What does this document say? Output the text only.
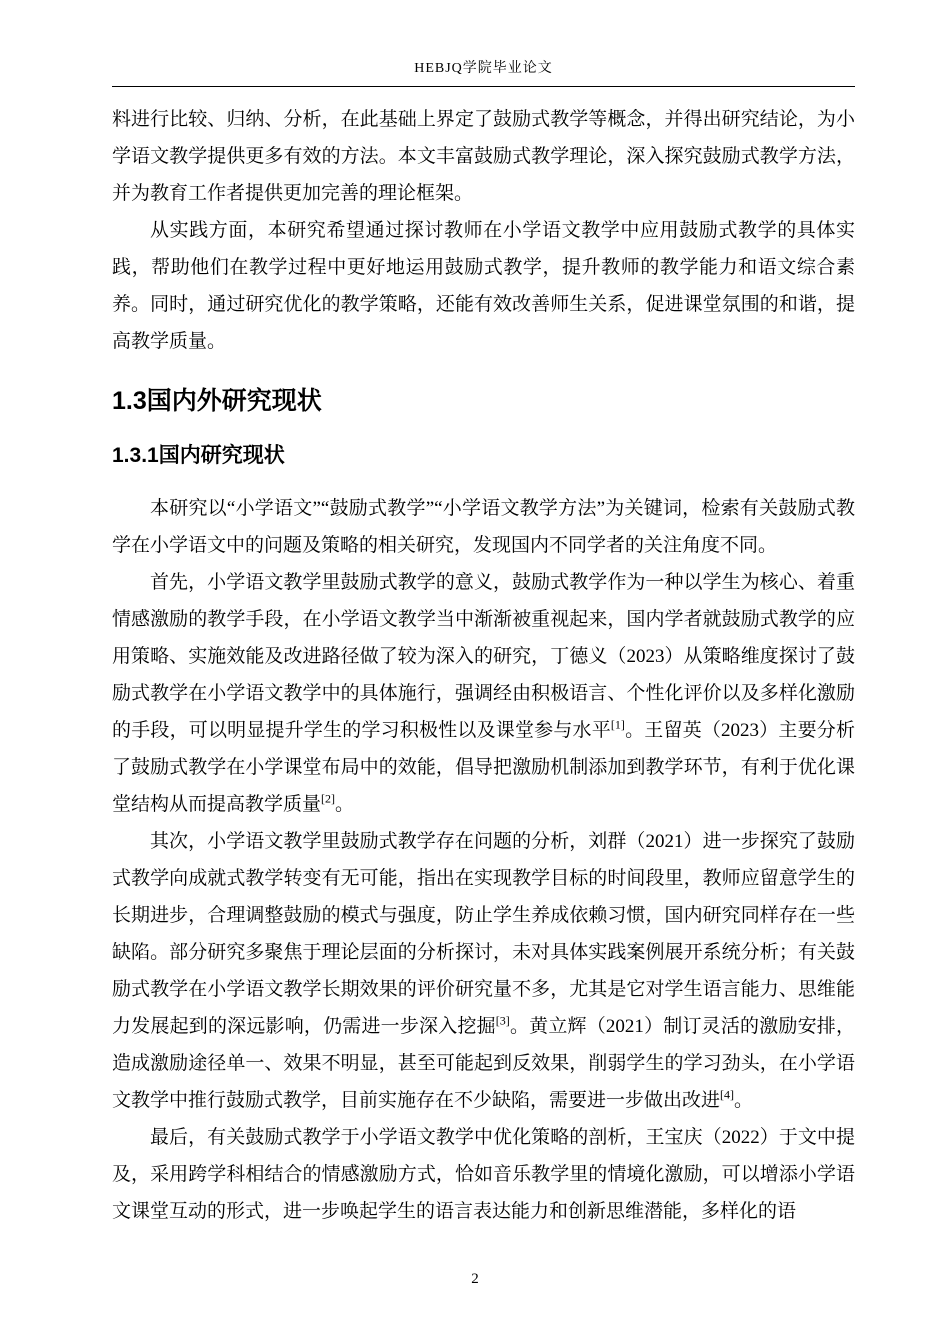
HEBJQ学院毕业论文

料进行比较、归纳、分析，在此基础上界定了鼓励式教学等概念，并得出研究结论，为小学语文教学提供更多有效的方法。本文丰富鼓励式教学理论，深入探究鼓励式教学方法，并为教育工作者提供更加完善的理论框架。

从实践方面，本研究希望通过探讨教师在小学语文教学中应用鼓励式教学的具体实践，帮助他们在教学过程中更好地运用鼓励式教学，提升教师的教学能力和语文综合素养。同时，通过研究优化的教学策略，还能有效改善师生关系，促进课堂氛围的和谐，提高教学质量。

1.3国内外研究现状
1.3.1国内研究现状

本研究以“小学语文”“鼓励式教学”“小学语文教学方法”为关键词，检索有关鼓励式教学在小学语文中的问题及策略的相关研究，发现国内不同学者的关注角度不同。

首先，小学语文教学里鼓励式教学的意义，鼓励式教学作为一种以学生为核心、着重情感激励的教学手段，在小学语文教学当中渐渐被重视起来，国内学者就鼓励式教学的应用策略、实施效能及改进路径做了较为深入的研究，丁德义（2023）从策略维度探讨了鼓励式教学在小学语文教学中的具体施行，强调经由积极语言、个性化评价以及多样化激励的手段，可以明显提升学生的学习积极性以及课堂参与水平[1]。王留英（2023）主要分析了鼓励式教学在小学课堂布局中的效能，倡导把激励机制添加到教学环节，有利于优化课堂结构从而提高教学质量[2]。

其次，小学语文教学里鼓励式教学存在问题的分析，刘群（2021）进一步探究了鼓励式教学向成就式教学转变有无可能，指出在实现教学目标的时间段里，教师应留意学生的长期进步，合理调整鼓励的模式与强度，防止学生养成依赖习惯，国内研究同样存在一些缺陷。部分研究多聚焦于理论层面的分析探讨，未对具体实践案例展开系统分析；有关鼓励式教学在小学语文教学长期效果的评价研究量不多，尤其是它对学生语言能力、思维能力发展起到的深远影响，仍需进一步深入挖掘[3]。黄立辉（2021）制订灵活的激励安排，造成激励途径单一、效果不明显，甚至可能起到反效果，削弱学生的学习劲头，在小学语文教学中推行鼓励式教学，目前实施存在不少缺陷，需要进一步做出改进[4]。

最后，有关鼓励式教学于小学语文教学中优化策略的剖析，王宝庆（2022）于文中提及，采用跨学科相结合的情感激励方式，恰如音乐教学里的情境化激励，可以增添小学语文课堂互动的形式，进一步唤起学生的语言表达能力和创新思维潜能，多样化的语

2
